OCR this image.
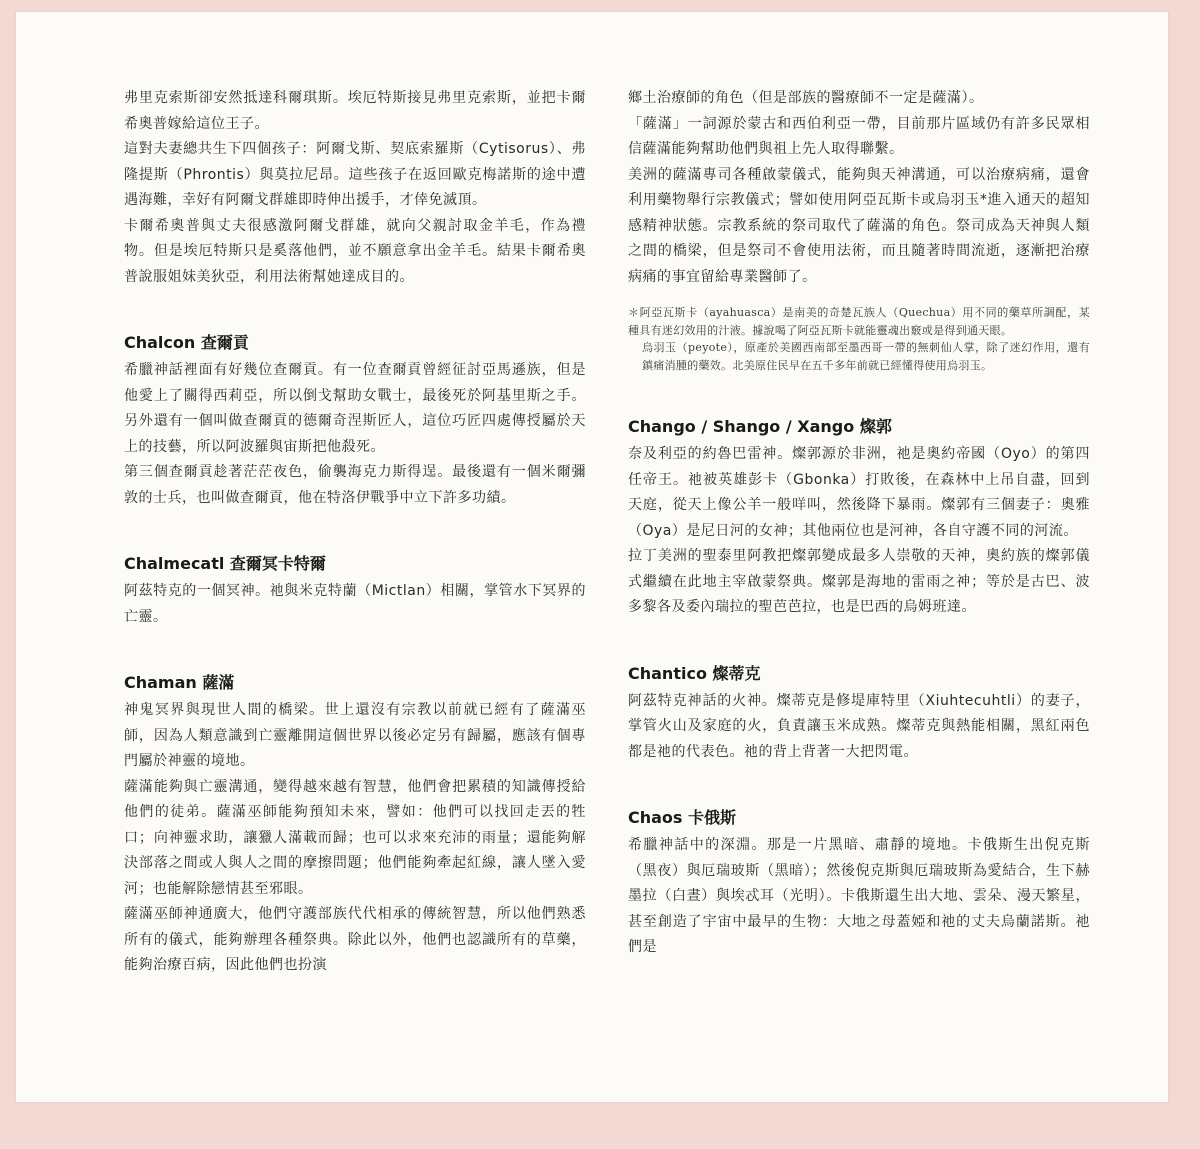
弗里克索斯卻安然抵達科爾琪斯。埃厄特斯接見弗里克索斯，並把卡爾希奧普嫁給這位王子。

這對夫妻總共生下四個孩子：阿爾戈斯、契底索羅斯（Cytisorus）、弗隆提斯（Phrontis）與莫拉尼昂。這些孩子在返回歐克梅諾斯的途中遭遇海難，幸好有阿爾戈群雄即時伸出援手，才倖免滅頂。

卡爾希奧普與丈夫很感激阿爾戈群雄，就向父親討取金羊毛，作為禮物。但是埃厄特斯只是奚落他們，並不願意拿出金羊毛。結果卡爾希奧普說服姐妹美狄亞，利用法術幫她達成目的。

Chalcon 查爾貢

希臘神話裡面有好幾位查爾貢。有一位查爾貢曾經征討亞馬遜族，但是他愛上了關得西莉亞，所以倒戈幫助女戰士，最後死於阿基里斯之手。另外還有一個叫做查爾貢的德爾奇涅斯匠人，這位巧匠四處傳授屬於天上的技藝，所以阿波羅與宙斯把他殺死。

第三個查爾貢趁著茫茫夜色，偷襲海克力斯得逞。最後還有一個米爾彌敦的士兵，也叫做查爾貢，他在特洛伊戰爭中立下許多功績。

Chalmecatl 查爾冥卡特爾

阿茲特克的一個冥神。祂與米克特蘭（Mictlan）相關，掌管水下冥界的亡靈。

Chaman 薩滿

神鬼冥界與現世人間的橋梁。世上還沒有宗教以前就已經有了薩滿巫師，因為人類意識到亡靈離開這個世界以後必定另有歸屬，應該有個專門屬於神靈的境地。

薩滿能夠與亡靈溝通，變得越來越有智慧，他們會把累積的知識傳授給他們的徒弟。薩滿巫師能夠預知未來，譬如：他們可以找回走丟的牲口；向神靈求助，讓獵人滿載而歸；也可以求來充沛的雨量；還能夠解決部落之間或人與人之間的摩擦問題；他們能夠牽起紅線，讓人墜入愛河；也能解除戀情甚至邪眼。

薩滿巫師神通廣大，他們守護部族代代相承的傳統智慧，所以他們熟悉所有的儀式，能夠辦理各種祭典。除此以外，他們也認識所有的草藥，能夠治療百病，因此他們也扮演

鄉土治療師的角色（但是部族的醫療師不一定是薩滿）。

「薩滿」一詞源於蒙古和西伯利亞一帶，目前那片區域仍有許多民眾相信薩滿能夠幫助他們與祖上先人取得聯繫。

美洲的薩滿專司各種啟蒙儀式，能夠與天神溝通，可以治療病痛，還會利用藥物舉行宗教儀式；譬如使用阿亞瓦斯卡或烏羽玉*進入通天的超知感精神狀態。宗教系統的祭司取代了薩滿的角色。祭司成為天神與人類之間的橋梁，但是祭司不會使用法術，而且隨著時間流逝，逐漸把治療病痛的事宜留給專業醫師了。

＊阿亞瓦斯卡（ayahuasca）是南美的奇楚瓦族人（Quechua）用不同的藥草所調配，某種具有迷幻效用的汁液。據說喝了阿亞瓦斯卡就能靈魂出竅或是得到通天眼。

烏羽玉（peyote），原產於美國西南部至墨西哥一帶的無刺仙人掌，除了迷幻作用，還有鎮痛消腫的藥效。北美原住民早在五千多年前就已經懂得使用烏羽玉。

Chango / Shango / Xango 燦郭

奈及利亞的約魯巴雷神。燦郭源於非洲，祂是奧約帝國（Oyo）的第四任帝王。祂被英雄彭卡（Gbonka）打敗後，在森林中上吊自盡，回到天庭，從天上像公羊一般咩叫，然後降下暴雨。燦郭有三個妻子：奧雅（Oya）是尼日河的女神；其他兩位也是河神，各自守護不同的河流。

拉丁美洲的聖泰里阿教把燦郭變成最多人崇敬的天神，奧約族的燦郭儀式繼續在此地主宰啟蒙祭典。燦郭是海地的雷雨之神；等於是古巴、波多黎各及委內瑞拉的聖芭芭拉，也是巴西的烏姆班達。

Chantico 燦蒂克

阿茲特克神話的火神。燦蒂克是修堤庫特里（Xiuhtecuhtli）的妻子，掌管火山及家庭的火，負責讓玉米成熟。燦蒂克與熱能相關，黑紅兩色都是祂的代表色。祂的背上背著一大把閃電。

Chaos 卡俄斯

希臘神話中的深淵。那是一片黑暗、肅靜的境地。卡俄斯生出倪克斯（黑夜）與厄瑞玻斯（黑暗）；然後倪克斯與厄瑞玻斯為愛結合，生下赫墨拉（白晝）與埃忒耳（光明）。卡俄斯還生出大地、雲朵、漫天繁星，甚至創造了宇宙中最早的生物：大地之母蓋婭和祂的丈夫烏蘭諾斯。祂們是
